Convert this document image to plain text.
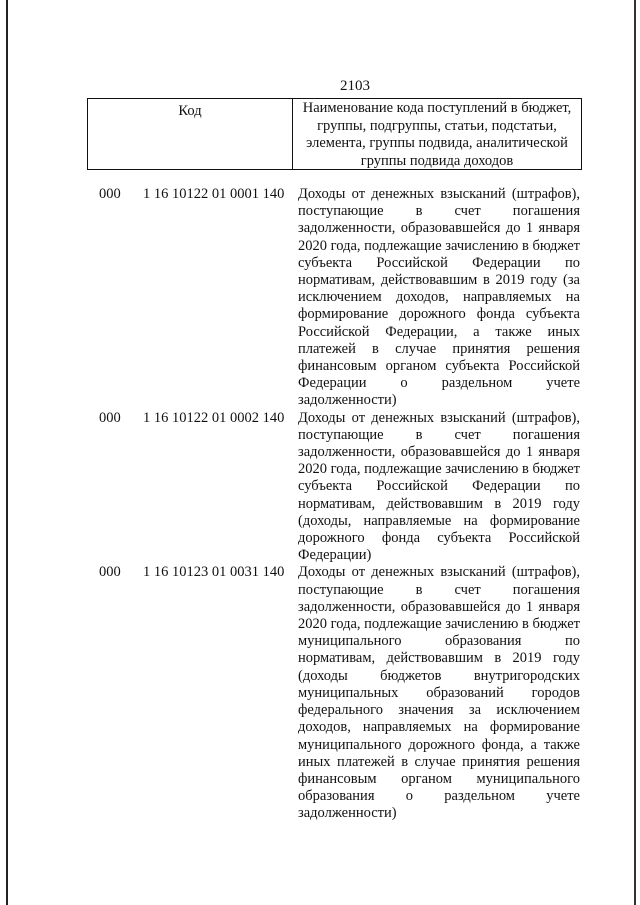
2103
Код	Наименование кода поступлений в бюджет, группы, подгруппы, статьи, подстатьи, элемента, группы подвида, аналитической группы подвида доходов
000 1 16 10122 01 0001 140 Доходы от денежных взысканий (штрафов), поступающие в счет погашения задолженности, образовавшейся до 1 января 2020 года, подлежащие зачислению в бюджет субъекта Российской Федерации по нормативам, действовавшим в 2019 году (за исключением доходов, направляемых на формирование дорожного фонда субъекта Российской Федерации, а также иных платежей в случае принятия решения финансовым органом субъекта Российской Федерации о раздельном учете задолженности)
000 1 16 10122 01 0002 140 Доходы от денежных взысканий (штрафов), поступающие в счет погашения задолженности, образовавшейся до 1 января 2020 года, подлежащие зачислению в бюджет субъекта Российской Федерации по нормативам, действовавшим в 2019 году (доходы, направляемые на формирование дорожного фонда субъекта Российской Федерации)
000 1 16 10123 01 0031 140 Доходы от денежных взысканий (штрафов), поступающие в счет погашения задолженности, образовавшейся до 1 января 2020 года, подлежащие зачислению в бюджет муниципального образования по нормативам, действовавшим в 2019 году (доходы бюджетов внутригородских муниципальных образований городов федерального значения за исключением доходов, направляемых на формирование муниципального дорожного фонда, а также иных платежей в случае принятия решения финансовым органом муниципального образования о раздельном учете задолженности)
